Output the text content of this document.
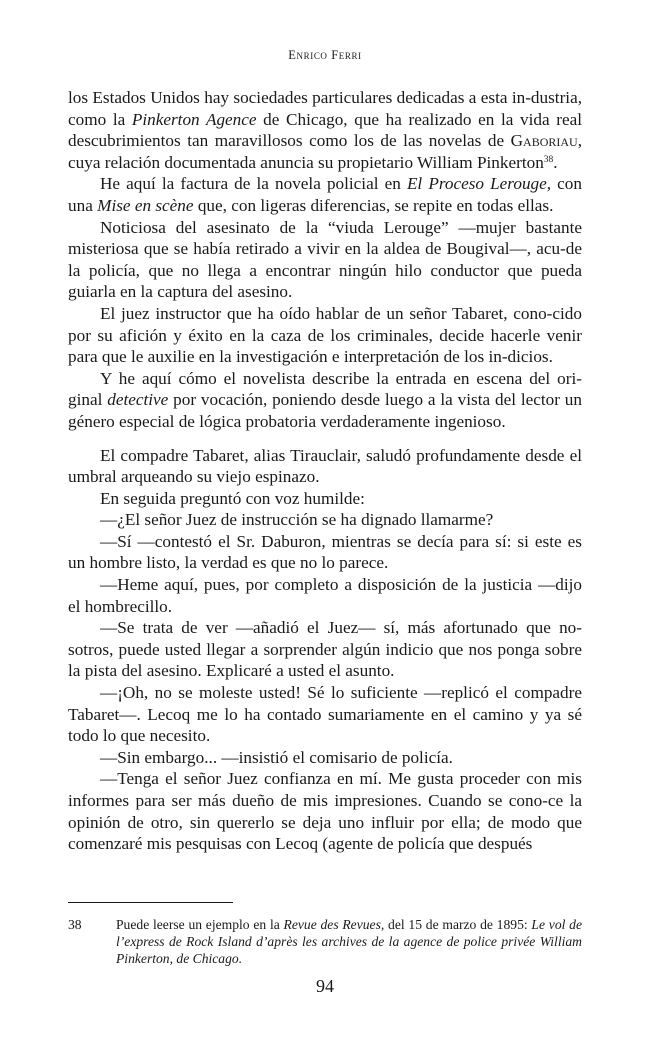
Enrico Ferri

los Estados Unidos hay sociedades particulares dedicadas a esta in-dustria, como la Pinkerton Agence de Chicago, que ha realizado en la vida real descubrimientos tan maravillosos como los de las novelas de Gaboriau, cuya relación documentada anuncia su propietario William Pinkerton$^{38}$.

He aquí la factura de la novela policial en El Proceso Lerouge, con una Mise en scène que, con ligeras diferencias, se repite en todas ellas.

Noticiosa del asesinato de la “viuda Lerouge” —mujer bastante misteriosa que se había retirado a vivir en la aldea de Bougival—, acu-de la policía, que no llega a encontrar ningún hilo conductor que pueda guiarla en la captura del asesino.

El juez instructor que ha oído hablar de un señor Tabaret, cono-cido por su afición y éxito en la caza de los criminales, decide hacerle venir para que le auxilie en la investigación e interpretación de los in-dicios.

Y he aquí cómo el novelista describe la entrada en escena del ori-ginal detective por vocación, poniendo desde luego a la vista del lector un género especial de lógica probatoria verdaderamente ingenioso.

El compadre Tabaret, alias Tirauclair, saludó profundamente desde el umbral arqueando su viejo espinazo.

En seguida preguntó con voz humilde:

—¿El señor Juez de instrucción se ha dignado llamarme?

—Sí —contestó el Sr. Daburon, mientras se decía para sí: si este es un hombre listo, la verdad es que no lo parece.

—Heme aquí, pues, por completo a disposición de la justicia —dijo el hombrecillo.

—Se trata de ver —añadió el Juez— sí, más afortunado que no-sotros, puede usted llegar a sorprender algún indicio que nos ponga sobre la pista del asesino. Explicaré a usted el asunto.

—¡Oh, no se moleste usted! Sé lo suficiente —replicó el compadre Tabaret—. Lecoq me lo ha contado sumariamente en el camino y ya sé todo lo que necesito.

—Sin embargo... —insistió el comisario de policía.

—Tenga el señor Juez confianza en mí. Me gusta proceder con mis informes para ser más dueño de mis impresiones. Cuando se cono-ce la opinión de otro, sin quererlo se deja uno influir por ella; de modo que comenzaré mis pesquisas con Lecoq (agente de policía que después

38	Puede leerse un ejemplo en la Revue des Revues, del 15 de marzo de 1895: Le vol de l’express de Rock Island d’après les archives de la agence de police privée William Pinkerton, de Chicago.
94
